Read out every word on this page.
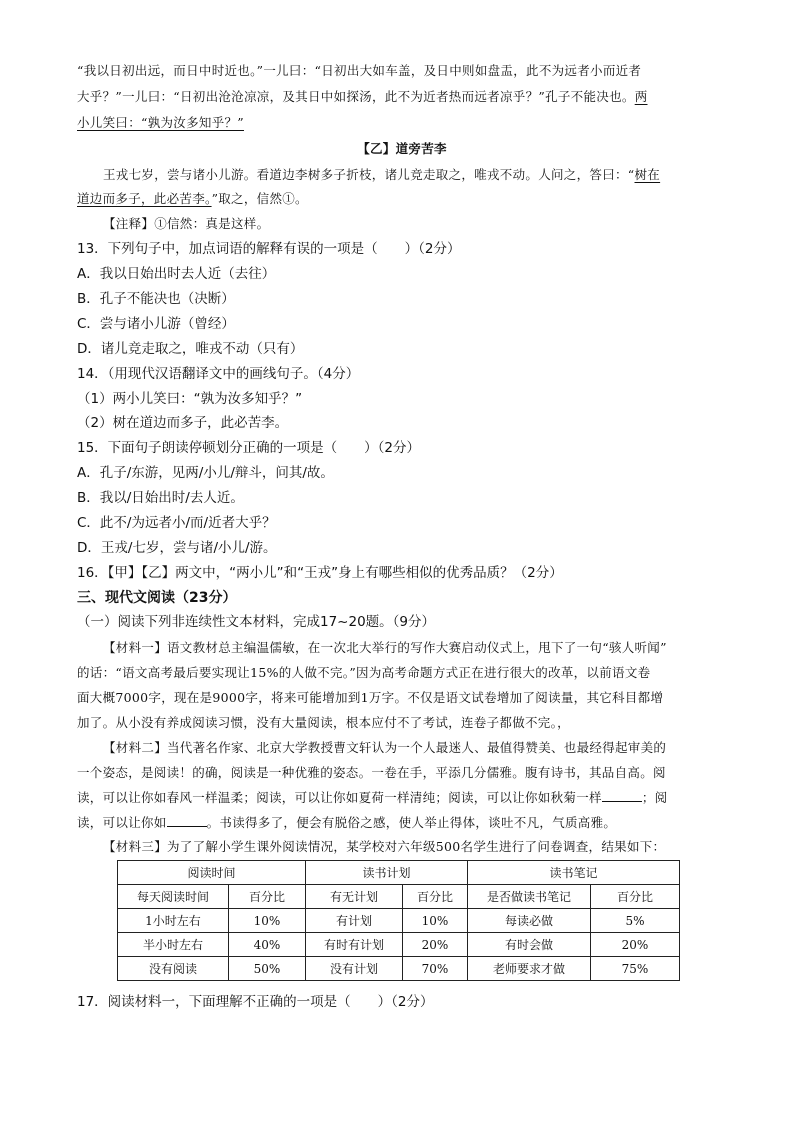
“我以日初出远，而日中时近也。”一儿曰：“日初出大如车盖，及日中则如盘盂，此不为远者小而近者
大乎？”一儿曰：“日初出沧沧凉凉，及其日中如探汤，此不为近者热而远者凉乎？”孔子不能决也。两
小儿笑曰：“孰为汝多知乎？”
【乙】道旁苦李
王戎七岁，尝与诸小儿游。看道边李树多子折枝，诸儿竞走取之，唯戎不动。人问之，答曰：“树在
道边而多子，此必苦李。”取之，信然①。
【注释】①信然：真是这样。
13．下列句子中，加点词语的解释有误的一项是（　　）（2分）
A．我以日始出时去人近（去往）
B．孔子不能决也（决断）
C．尝与诸小儿游（曾经）
D．诸儿竞走取之，唯戎不动（只有）
14．（用现代汉语翻译文中的画线句子。（4分）
（1）两小儿笑曰：“孰为汝多知乎？”
（2）树在道边而多子，此必苦李。
15．下面句子朗读停顿划分正确的一项是（　　）（2分）
A．孔子/东游，见两/小儿/辩斗，问其/故。
B．我以/日始出时/去人近。
C．此不/为远者小/而/近者大乎？
D．王戎/七岁，尝与诸/小儿/游。
16．【甲】【乙】两文中，“两小儿”和“王戎”身上有哪些相似的优秀品质？（2分）
三、现代文阅读（23分）
（一）阅读下列非连续性文本材料，完成17~20题。（9分）
【材料一】语文教材总主编温儒敏，在一次北大举行的写作大赛启动仪式上，甩下了一句“骇人听闻”
的话：“语文高考最后要实现让15%的人做不完。”因为高考命题方式正在进行很大的改革，以前语文卷
面大概7000字，现在是9000字，将来可能增加到1万字。不仅是语文试卷增加了阅读量，其它科目都增
加了。从小没有养成阅读习惯，没有大量阅读，根本应付不了考试，连卷子都做不完。，
【材料二】当代著名作家、北京大学教授曹文轩认为一个人最迷人、最值得赞美、也最经得起审美的
一个姿态，是阅读！的确，阅读是一种优雅的姿态。一卷在手，平添几分儒雅。腹有诗书，其品自高。阅
读，可以让你如春风一样温柔；阅读，可以让你如夏荷一样清纯；阅读，可以让你如秋菊一样	；阅
读，可以让你如	。书读得多了，便会有脱俗之感，使人举止得体，谈吐不凡，气质高雅。
【材料三】为了了解小学生课外阅读情况，某学校对六年级500名学生进行了问卷调查，结果如下：
阅读时间		读书计划		读书笔记	
每天阅读时间	百分比	有无计划	百分比	是否做读书笔记	百分比
1小时左右	10%	有计划	10%	每读必做	5%
半小时左右	40%	有时有计划	20%	有时会做	20%
没有阅读	50%	没有计划	70%	老师要求才做	75%
17．阅读材料一，下面理解不正确的一项是（　　）（2分）
